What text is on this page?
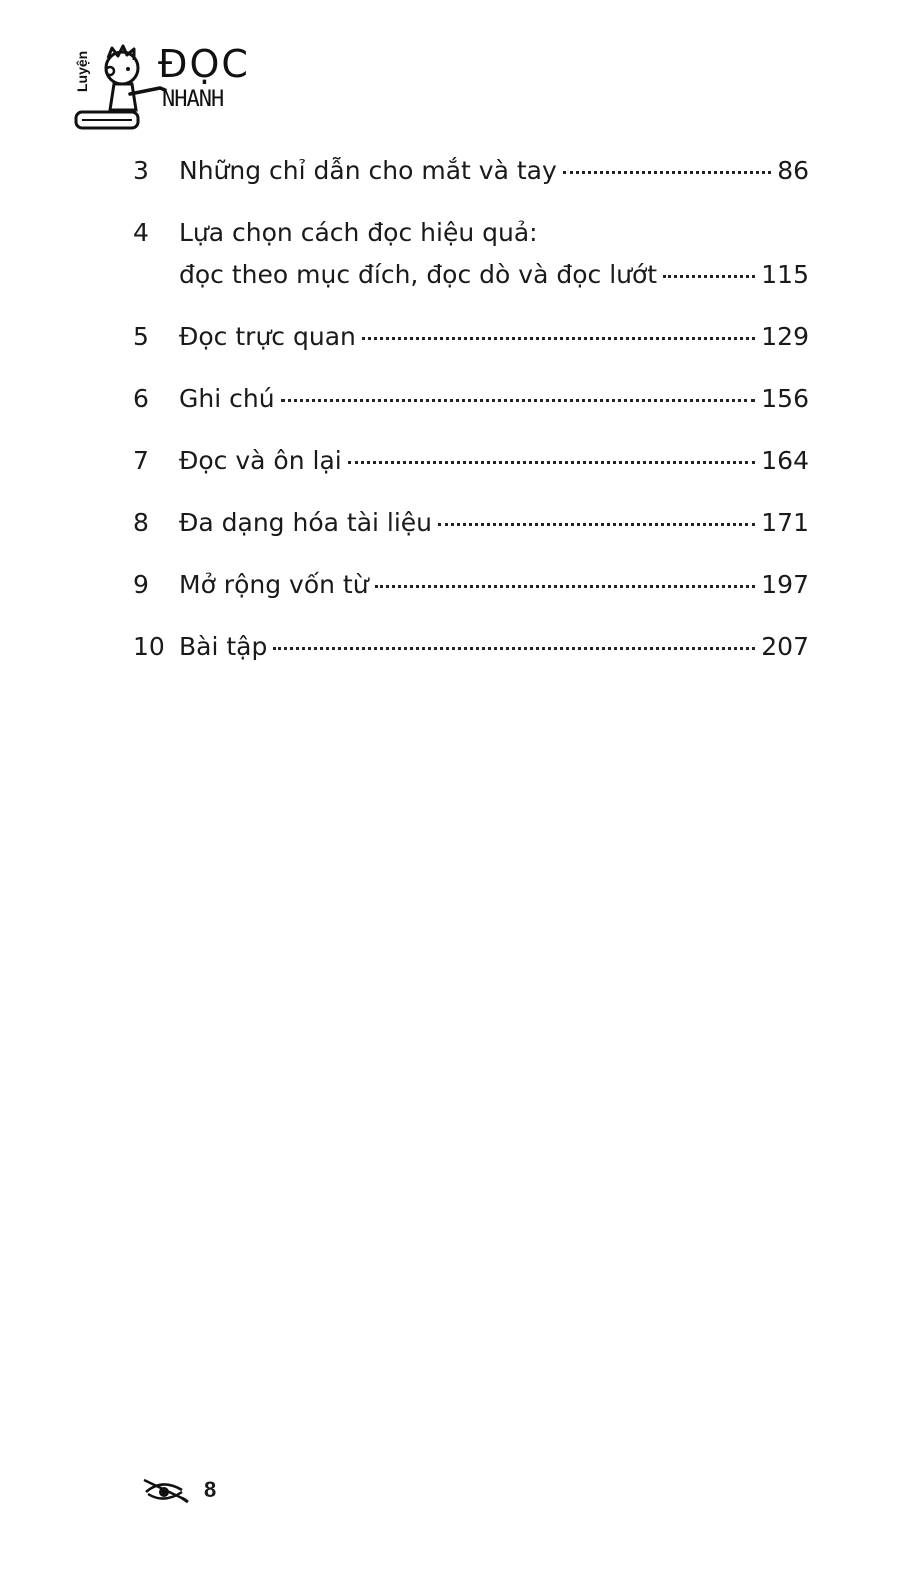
Luyện ĐỌC
NHANH
3	Những chỉ dẫn cho mắt và tay	86
4	Lựa chọn cách đọc hiệu quả:
đọc theo mục đích, đọc dò và đọc lướt	115
5	Đọc trực quan	129
6	Ghi chú	156
7	Đọc và ôn lại	164
8	Đa dạng hóa tài liệu	171
9	Mở rộng vốn từ	197
10 Bài tập	207
8
